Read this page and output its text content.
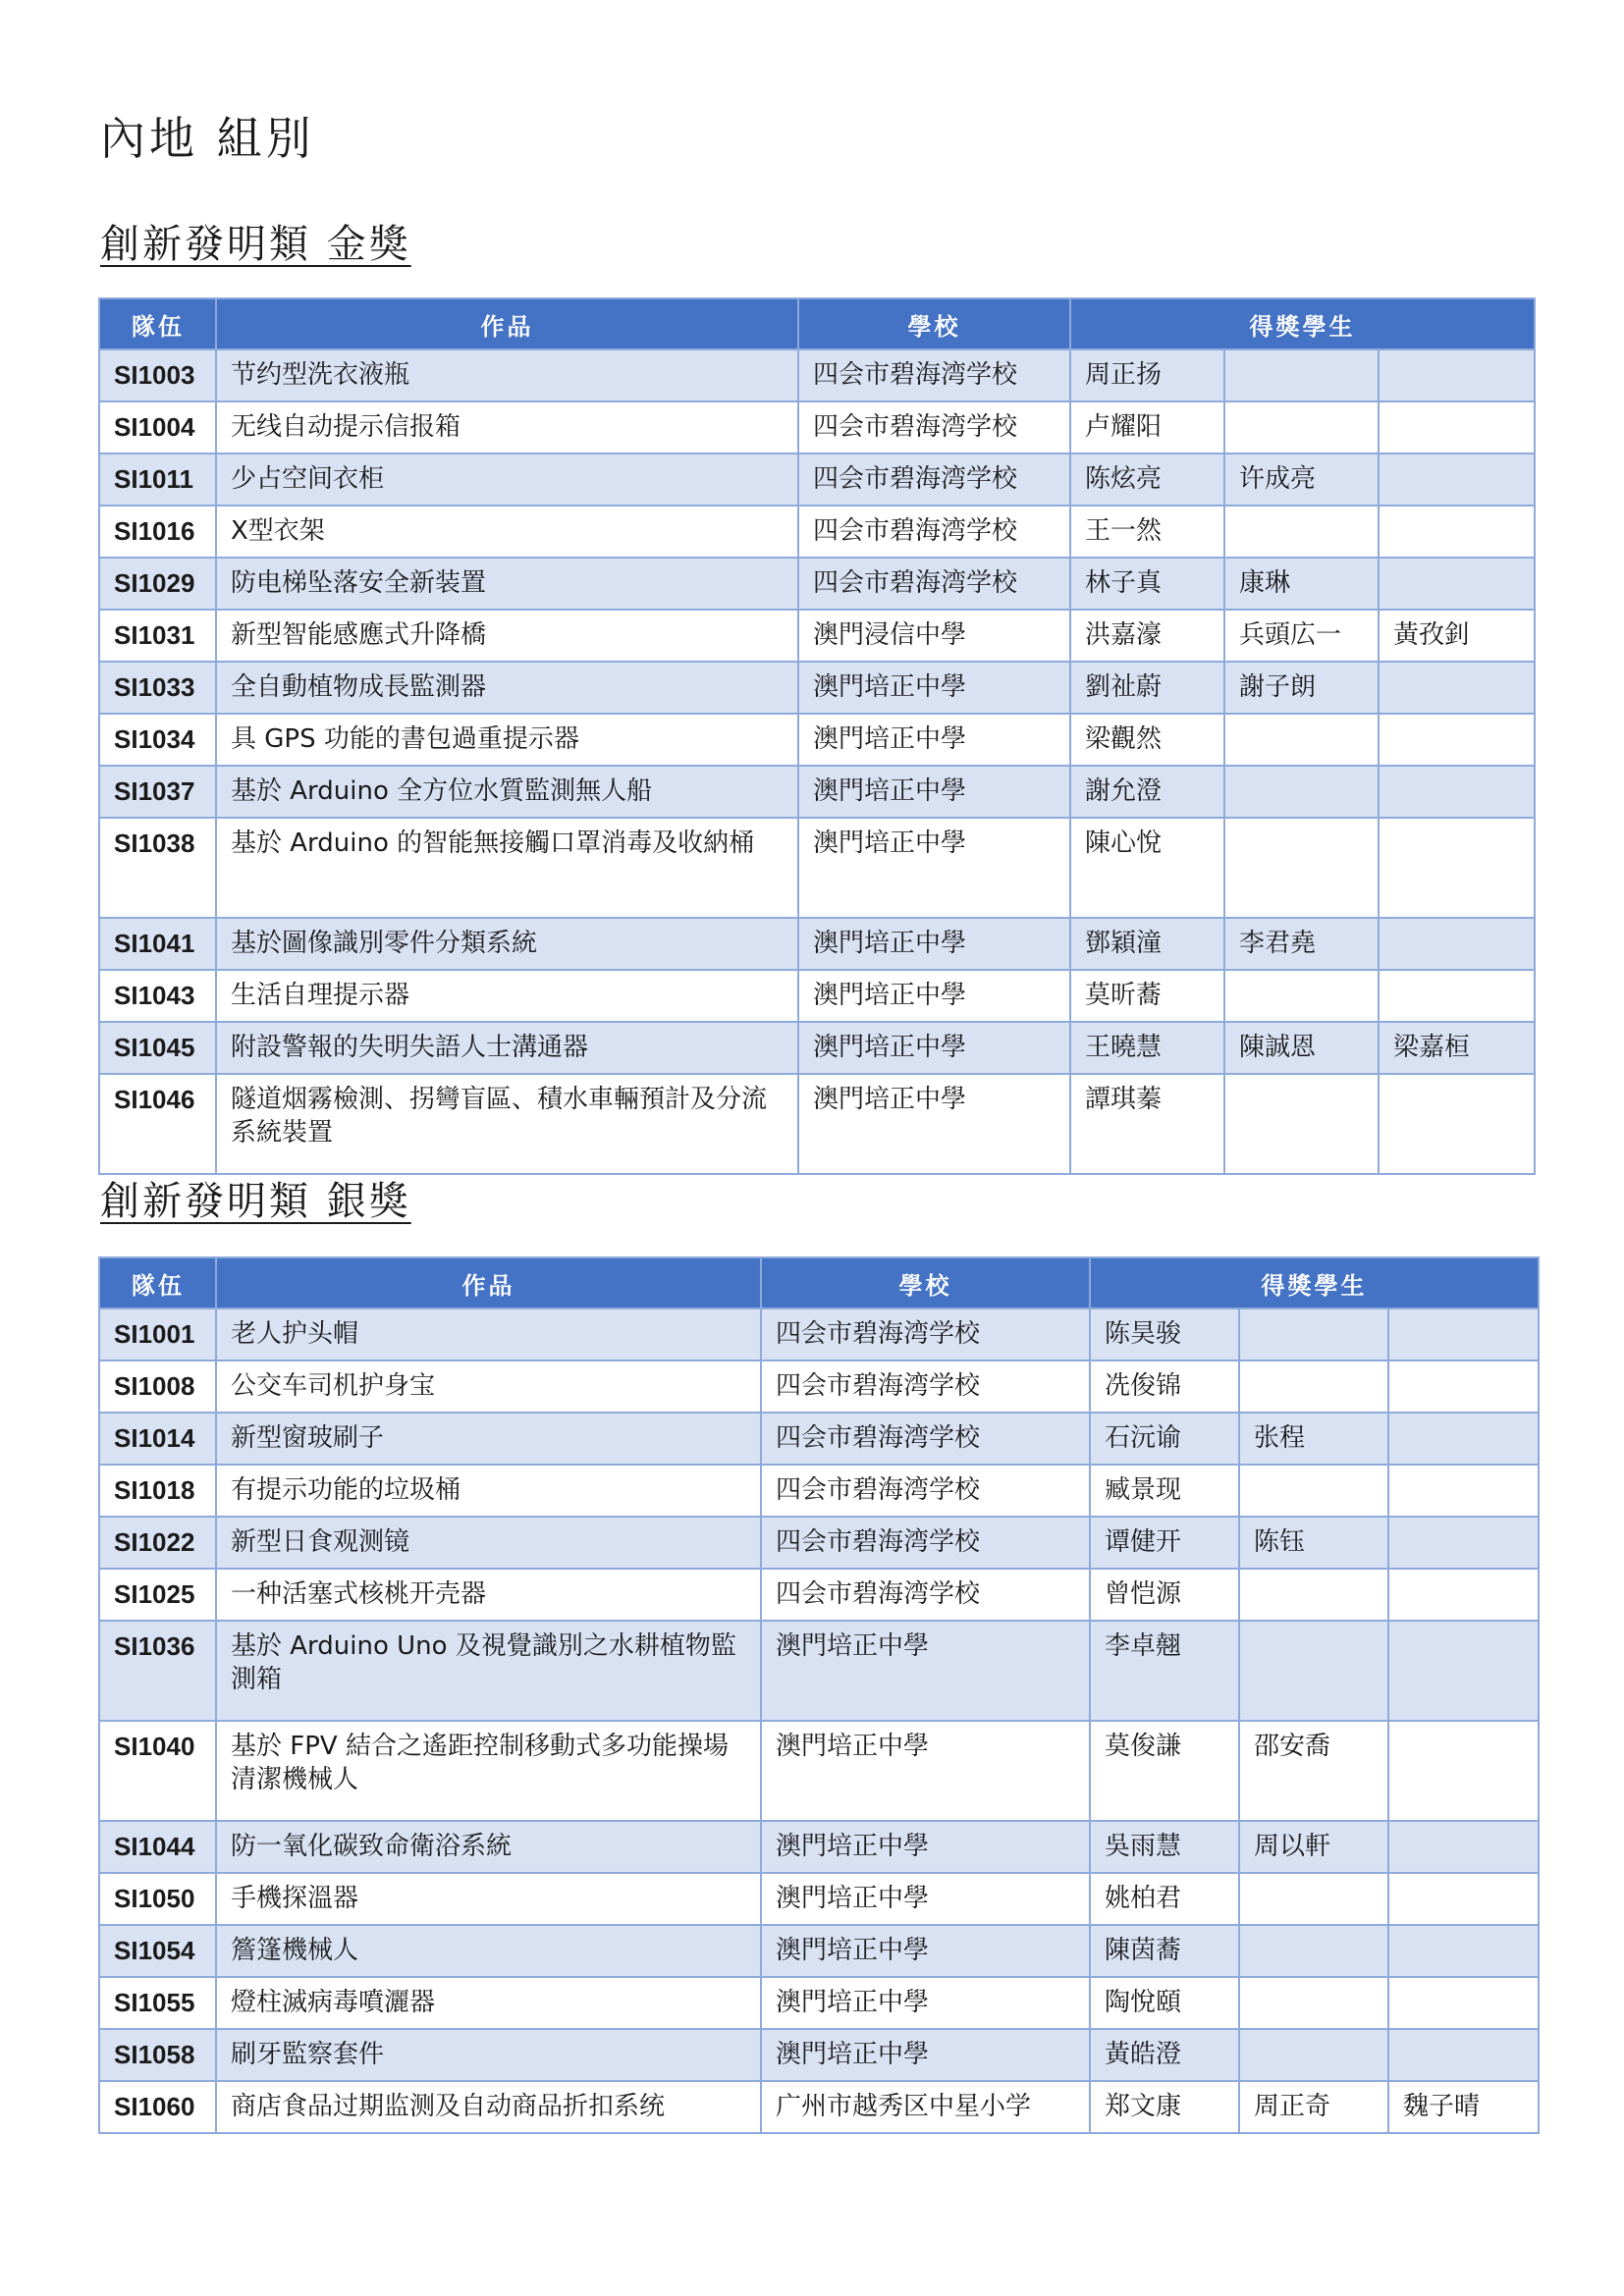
內地 組別
創新發明類 金獎
隊伍	作品	學校	得獎學生		
SI1003	节约型洗衣液瓶	四会市碧海湾学校	周正扬		
SI1004	无线自动提示信报箱	四会市碧海湾学校	卢耀阳		
SI1011	少占空间衣柜	四会市碧海湾学校	陈炫亮	许成亮	
SI1016	X型衣架	四会市碧海湾学校	王一然		
SI1029	防电梯坠落安全新装置	四会市碧海湾学校	林子真	康琳	
SI1031	新型智能感應式升降橋	澳門浸信中學	洪嘉濠	兵頭広一	黃孜釗
SI1033	全自動植物成長監測器	澳門培正中學	劉祉蔚	謝子朗	
SI1034	具 GPS 功能的書包過重提示器	澳門培正中學	梁觀然		
SI1037	基於 Arduino 全方位水質監測無人船	澳門培正中學	謝允澄		
SI1038	基於 Arduino 的智能無接觸口罩消毒及收納桶	澳門培正中學	陳心悅		
SI1041	基於圖像識別零件分類系統	澳門培正中學	鄧穎潼	李君堯	
SI1043	生活自理提示器	澳門培正中學	莫昕蕎		
SI1045	附設警報的失明失語人士溝通器	澳門培正中學	王曉慧	陳誠恩	梁嘉桓
SI1046	隧道烟霧檢測、拐彎盲區、積水車輛預計及分流系統裝置	澳門培正中學	譚琪蓁		
創新發明類 銀獎
隊伍	作品	學校	得獎學生		
SI1001	老人护头帽	四会市碧海湾学校	陈昊骏		
SI1008	公交车司机护身宝	四会市碧海湾学校	冼俊锦		
SI1014	新型窗玻刷子	四会市碧海湾学校	石沅谕	张程	
SI1018	有提示功能的垃圾桶	四会市碧海湾学校	臧景现		
SI1022	新型日食观测镜	四会市碧海湾学校	谭健开	陈钰	
SI1025	一种活塞式核桃开壳器	四会市碧海湾学校	曾恺源		
SI1036	基於 Arduino Uno 及視覺識別之水耕植物監測箱	澳門培正中學	李卓翹		
SI1040	基於 FPV 結合之遙距控制移動式多功能操場清潔機械人	澳門培正中學	莫俊謙	邵安喬	
SI1044	防一氧化碳致命衛浴系統	澳門培正中學	吳雨慧	周以軒	
SI1050	手機探溫器	澳門培正中學	姚柏君		
SI1054	簷篷機械人	澳門培正中學	陳茵蕎		
SI1055	燈柱滅病毒噴灑器	澳門培正中學	陶悅頤		
SI1058	刷牙監察套件	澳門培正中學	黃皓澄		
SI1060	商店食品过期监测及自动商品折扣系统	广州市越秀区中星小学	郑文康	周正奇	魏子晴
